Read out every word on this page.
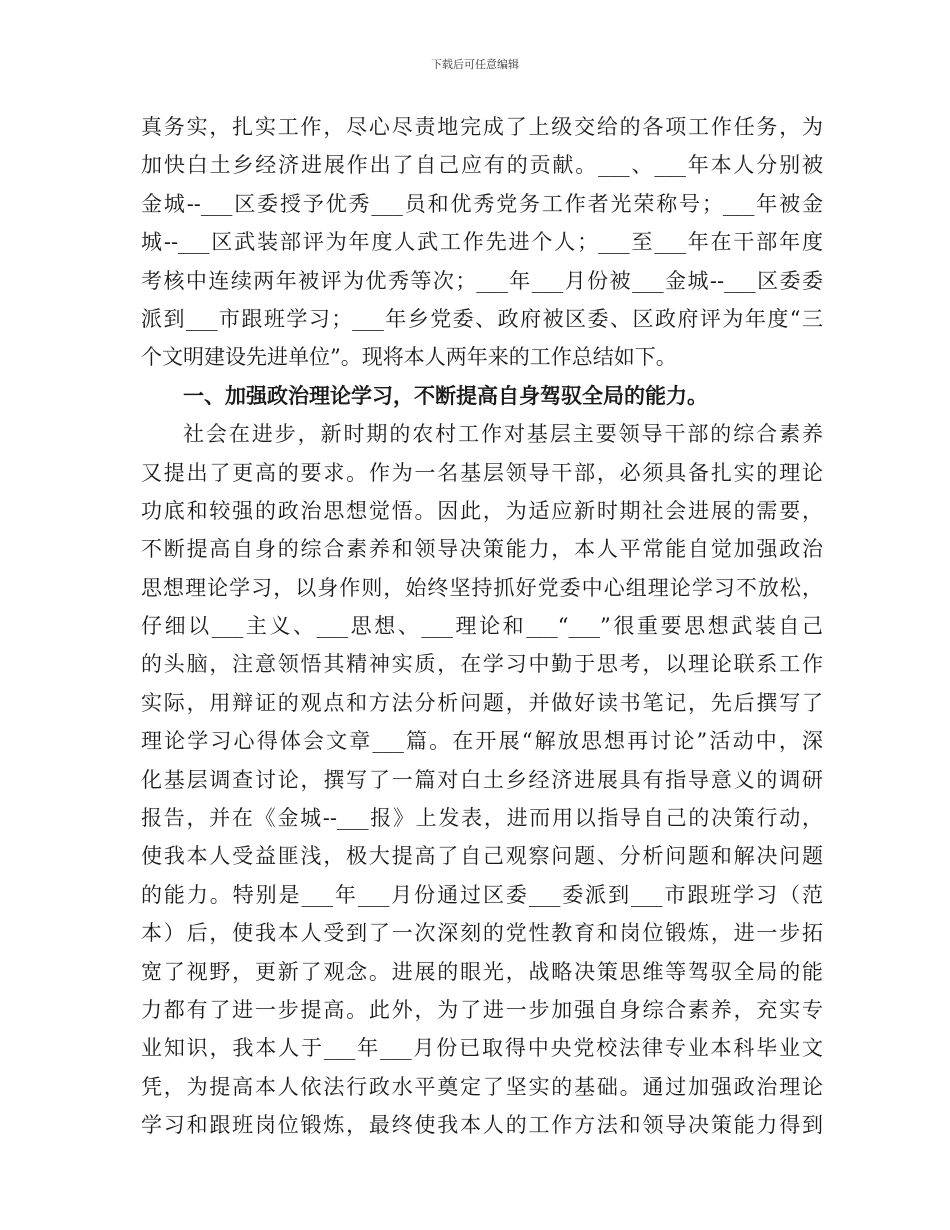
下载后可任意编辑
真务实，扎实工作，尽心尽责地完成了上级交给的各项工作任务，为
加快白土乡经济进展作出了自己应有的贡献。___、___年本人分别被
金城--___区委授予优秀___员和优秀党务工作者光荣称号；___年被金
城--___区武装部评为年度人武工作先进个人；___至___年在干部年度
考核中连续两年被评为优秀等次；___年___月份被___金城--___区委委
派到___市跟班学习；___年乡党委、政府被区委、区政府评为年度“三
个文明建设先进单位”。现将本人两年来的工作总结如下。
一、加强政治理论学习，不断提高自身驾驭全局的能力。
社会在进步，新时期的农村工作对基层主要领导干部的综合素养
又提出了更高的要求。作为一名基层领导干部，必须具备扎实的理论
功底和较强的政治思想觉悟。因此，为适应新时期社会进展的需要，
不断提高自身的综合素养和领导决策能力，本人平常能自觉加强政治
思想理论学习，以身作则，始终坚持抓好党委中心组理论学习不放松，
仔细以___主义、___思想、___理论和___“___”很重要思想武装自己
的头脑，注意领悟其精神实质，在学习中勤于思考，以理论联系工作
实际，用辩证的观点和方法分析问题，并做好读书笔记，先后撰写了
理论学习心得体会文章___篇。在开展“解放思想再讨论”活动中，深
化基层调查讨论，撰写了一篇对白土乡经济进展具有指导意义的调研
报告，并在《金城--___报》上发表，进而用以指导自己的决策行动，
使我本人受益匪浅，极大提高了自己观察问题、分析问题和解决问题
的能力。特别是___年___月份通过区委___委派到___市跟班学习（范
本）后，使我本人受到了一次深刻的党性教育和岗位锻炼，进一步拓
宽了视野，更新了观念。进展的眼光，战略决策思维等驾驭全局的能
力都有了进一步提高。此外，为了进一步加强自身综合素养，充实专
业知识，我本人于___年___月份已取得中央党校法律专业本科毕业文
凭，为提高本人依法行政水平奠定了坚实的基础。通过加强政治理论
学习和跟班岗位锻炼，最终使我本人的工作方法和领导决策能力得到
